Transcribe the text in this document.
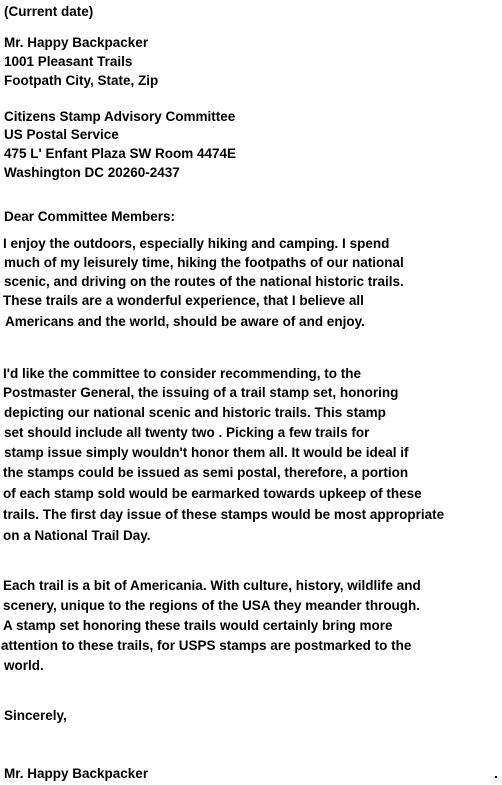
(Current date)
Mr. Happy Backpacker
1001 Pleasant Trails
Footpath City, State, Zip
Citizens Stamp Advisory Committee
US Postal Service
475 L' Enfant Plaza SW Room 4474E
Washington DC 20260-2437
Dear Committee Members:
I enjoy the outdoors, especially hiking and camping. I spend
much of my leisurely time, hiking the footpaths of our national
scenic, and driving on the routes of the national historic trails.
These trails are a wonderful experience, that I believe all
Americans and the world, should be aware of and enjoy.
I'd like the committee to consider recommending, to the
Postmaster General, the issuing of a trail stamp set, honoring
depicting our national scenic and historic trails. This stamp
set should include all twenty two . Picking a few trails for
stamp issue simply wouldn't honor them all. It would be ideal if
the stamps could be issued as semi postal, therefore, a portion
of each stamp sold would be earmarked towards upkeep of these
trails. The first day issue of these stamps would be most appropriate
on a National Trail Day.
Each trail is a bit of Americania. With culture, history, wildlife and
scenery, unique to the regions of the USA they meander through.
A stamp set honoring these trails would certainly bring more
attention to these trails, for USPS stamps are postmarked to the
world.
Sincerely,
Mr. Happy Backpacker
